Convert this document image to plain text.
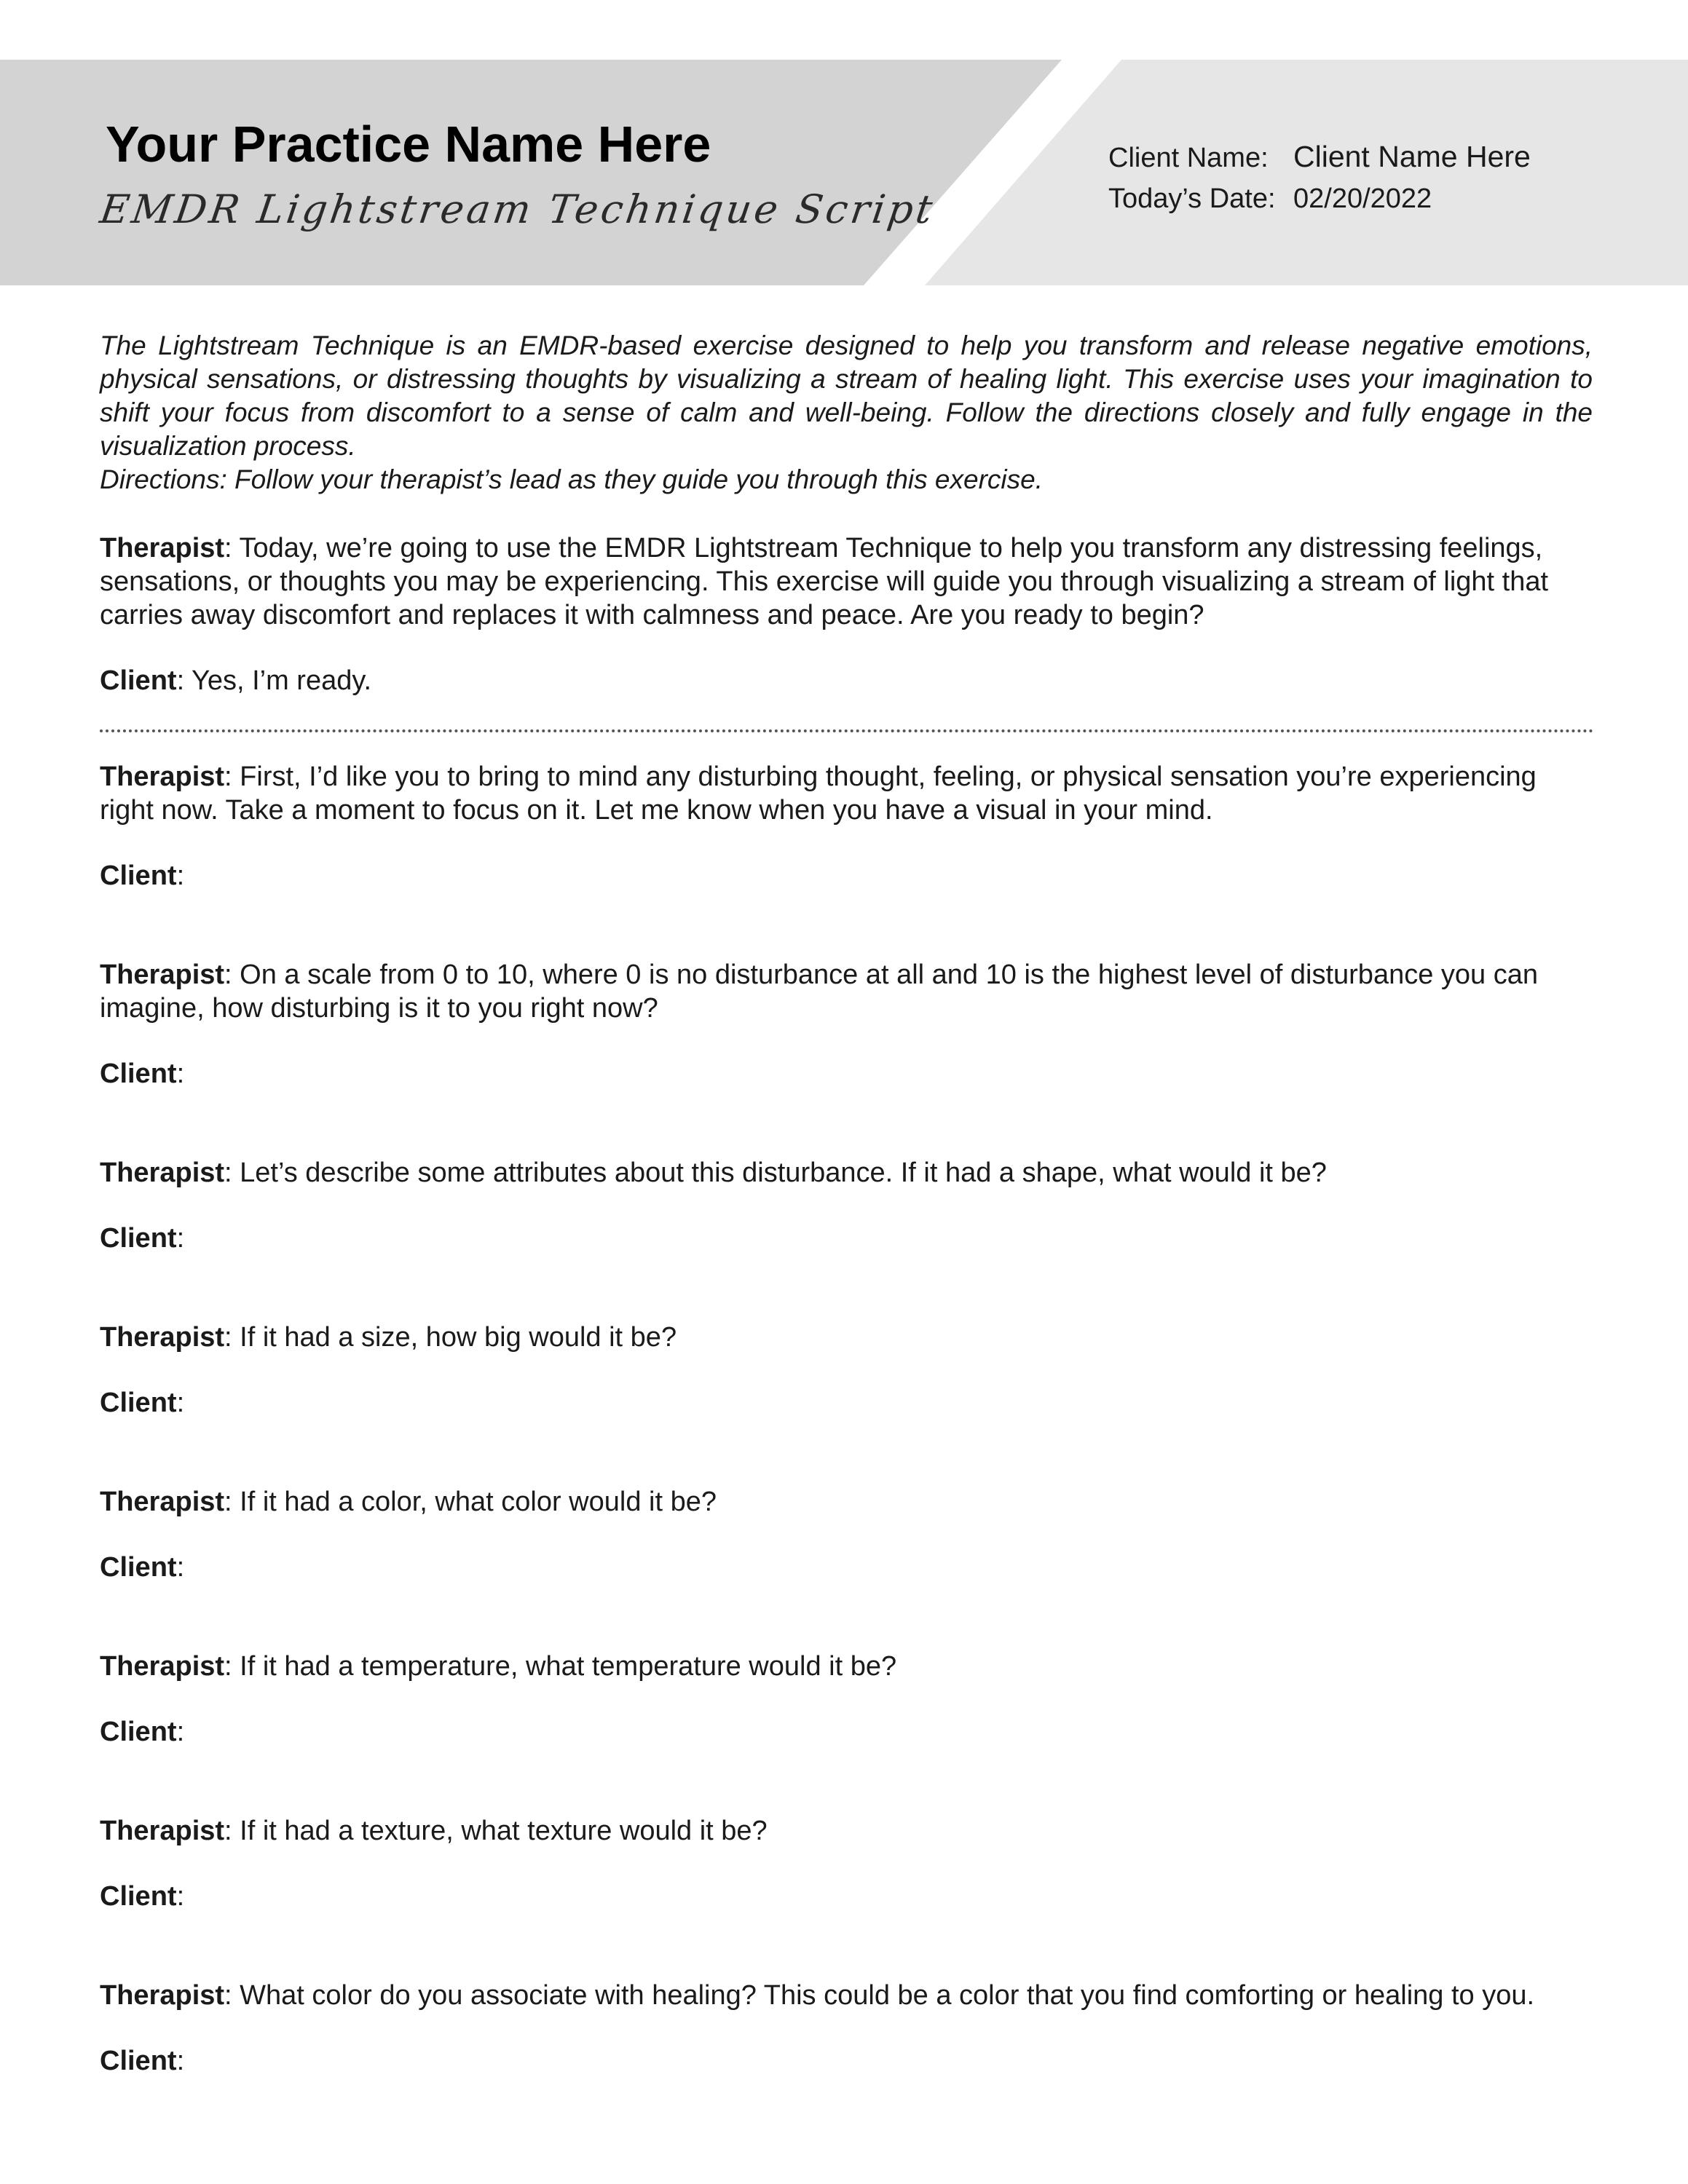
Your Practice Name Here
EMDR Lightstream Technique Script
Client Name: Client Name Here
Today’s Date: 02/20/2022

The Lightstream Technique is an EMDR-based exercise designed to help you transform and release negative emotions, physical sensations, or distressing thoughts by visualizing a stream of healing light. This exercise uses your imagination to shift your focus from discomfort to a sense of calm and well-being. Follow the directions closely and fully engage in the visualization process.

Directions: Follow your therapist’s lead as they guide you through this exercise.

Therapist: Today, we’re going to use the EMDR Lightstream Technique to help you transform any distressing feelings, sensations, or thoughts you may be experiencing. This exercise will guide you through visualizing a stream of light that carries away discomfort and replaces it with calmness and peace. Are you ready to begin?

Client: Yes, I’m ready.

Therapist: First, I’d like you to bring to mind any disturbing thought, feeling, or physical sensation you’re experiencing right now. Take a moment to focus on it. Let me know when you have a visual in your mind.

Client:

Therapist: On a scale from 0 to 10, where 0 is no disturbance at all and 10 is the highest level of disturbance you can imagine, how disturbing is it to you right now?

Client:

Therapist: Let’s describe some attributes about this disturbance. If it had a shape, what would it be?

Client:

Therapist: If it had a size, how big would it be?

Client:

Therapist: If it had a color, what color would it be?

Client:

Therapist: If it had a temperature, what temperature would it be?

Client:

Therapist: If it had a texture, what texture would it be?

Client:

Therapist: What color do you associate with healing? This could be a color that you find comforting or healing to you.

Client:
